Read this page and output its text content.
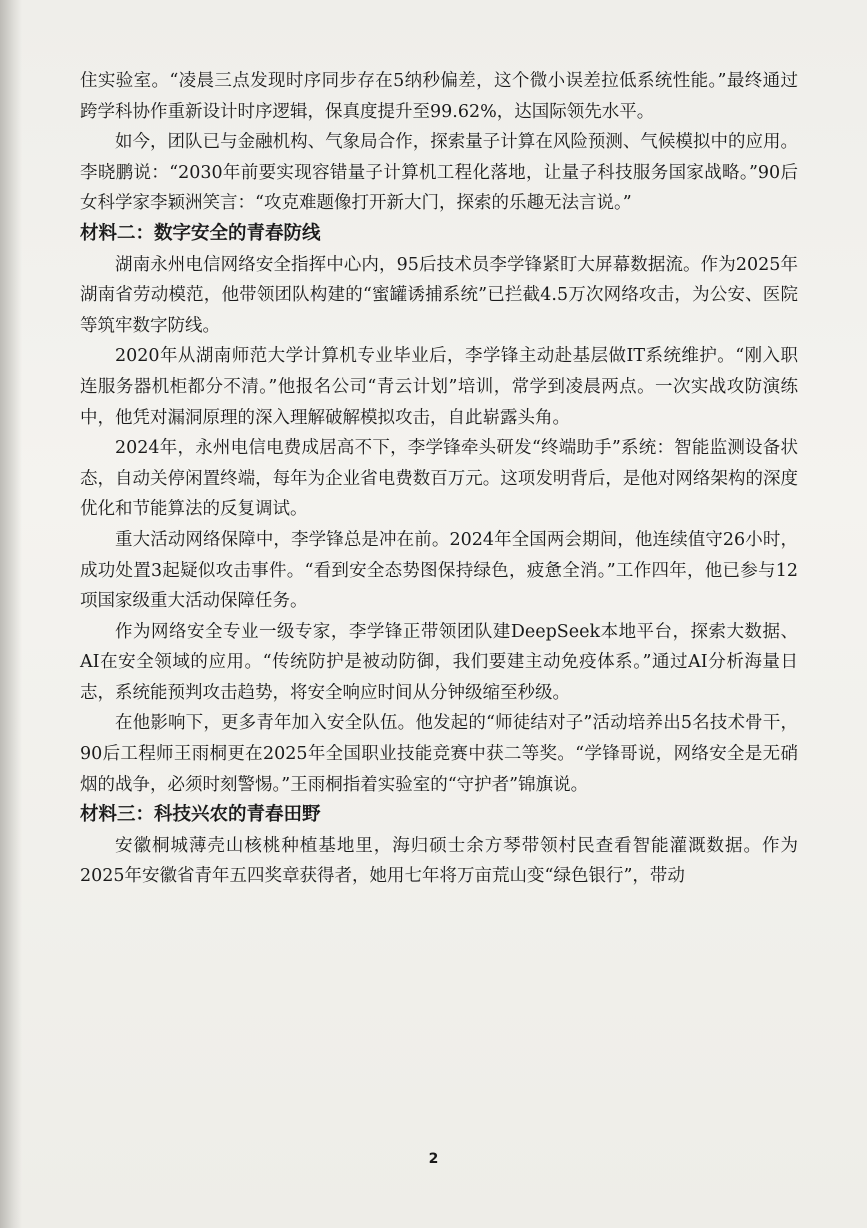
住实验室。“凌晨三点发现时序同步存在5纳秒偏差，这个微小误差拉低系统性能。”最终通过跨学科协作重新设计时序逻辑，保真度提升至99.62%，达国际领先水平。

如今，团队已与金融机构、气象局合作，探索量子计算在风险预测、气候模拟中的应用。李晓鹏说：“2030年前要实现容错量子计算机工程化落地，让量子科技服务国家战略。”90后女科学家李颖洲笑言：“攻克难题像打开新大门，探索的乐趣无法言说。”

材料二：数字安全的青春防线

湖南永州电信网络安全指挥中心内，95后技术员李学锋紧盯大屏幕数据流。作为2025年湖南省劳动模范，他带领团队构建的“蜜罐诱捕系统”已拦截4.5万次网络攻击，为公安、医院等筑牢数字防线。

2020年从湖南师范大学计算机专业毕业后，李学锋主动赴基层做IT系统维护。“刚入职连服务器机柜都分不清。”他报名公司“青云计划”培训，常学到凌晨两点。一次实战攻防演练中，他凭对漏洞原理的深入理解破解模拟攻击，自此崭露头角。

2024年，永州电信电费成居高不下，李学锋牵头研发“终端助手”系统：智能监测设备状态，自动关停闲置终端，每年为企业省电费数百万元。这项发明背后，是他对网络架构的深度优化和节能算法的反复调试。

重大活动网络保障中，李学锋总是冲在前。2024年全国两会期间，他连续值守26小时，成功处置3起疑似攻击事件。“看到安全态势图保持绿色，疲惫全消。”工作四年，他已参与12项国家级重大活动保障任务。

作为网络安全专业一级专家，李学锋正带领团队建DeepSeek本地平台，探索大数据、AI在安全领域的应用。“传统防护是被动防御，我们要建主动免疫体系。”通过AI分析海量日志，系统能预判攻击趋势，将安全响应时间从分钟级缩至秒级。

在他影响下，更多青年加入安全队伍。他发起的“师徒结对子”活动培养出5名技术骨干，90后工程师王雨桐更在2025年全国职业技能竞赛中获二等奖。“学锋哥说，网络安全是无硝烟的战争，必须时刻警惕。”王雨桐指着实验室的“守护者”锦旗说。

材料三：科技兴农的青春田野

安徽桐城薄壳山核桃种植基地里，海归硕士余方琴带领村民查看智能灌溉数据。作为2025年安徽省青年五四奖章获得者，她用七年将万亩荒山变“绿色银行”，带动

2
